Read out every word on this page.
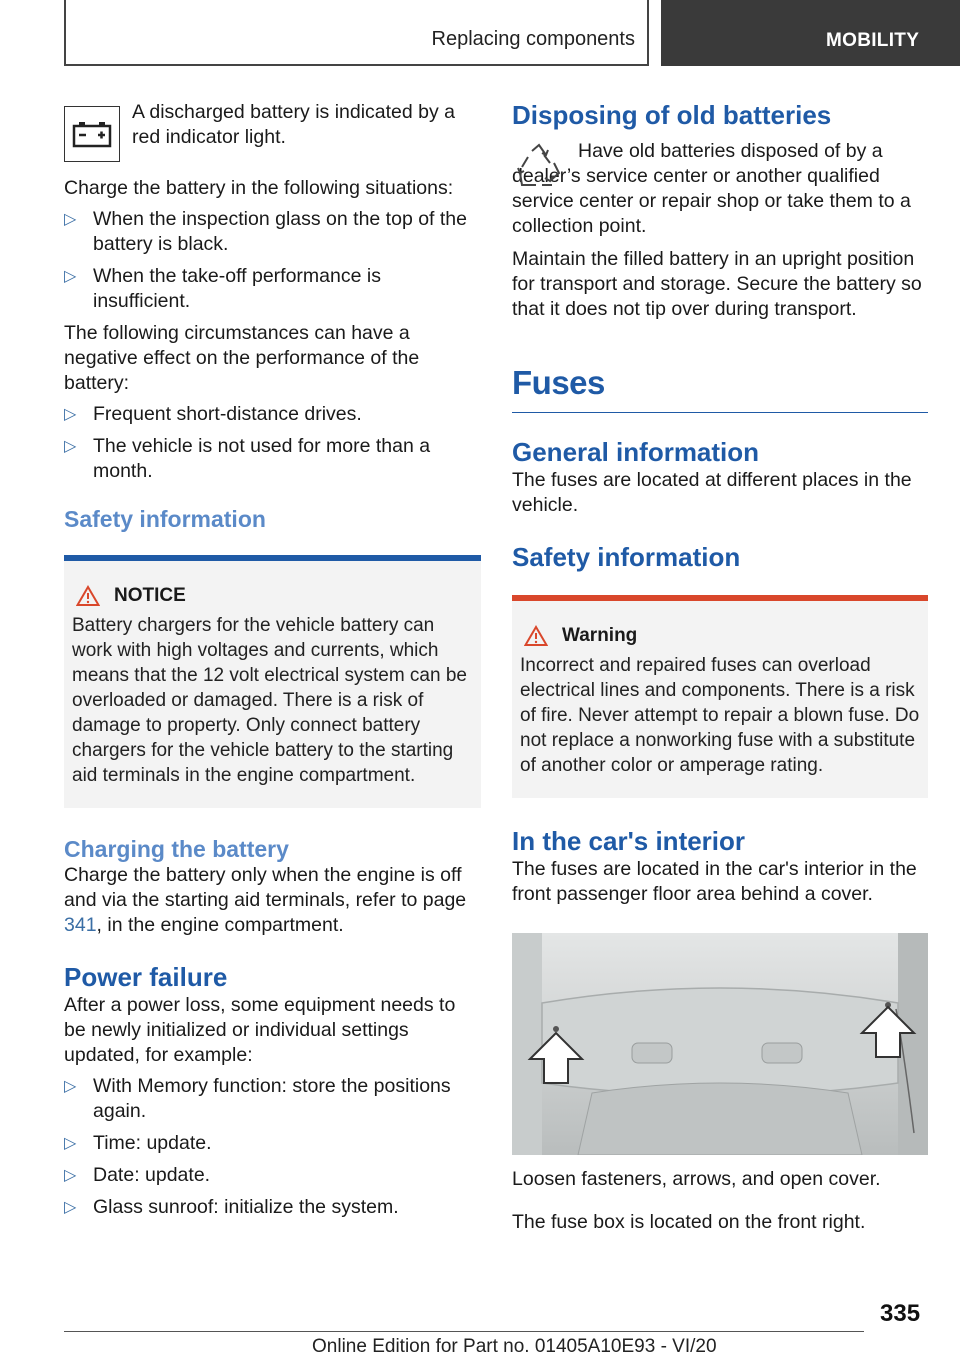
Replacing components	MOBILITY

A discharged battery is indicated by a red indicator light.

Charge the battery in the following situations:

▷ When the inspection glass on the top of the battery is black.
▷ When the take-off performance is insufficient.

The following circumstances can have a negative effect on the performance of the battery:

▷ Frequent short-distance drives.
▷ The vehicle is not used for more than a month.
Safety information
NOTICE

Battery chargers for the vehicle battery can work with high voltages and currents, which means that the 12 volt electrical system can be overloaded or damaged. There is a risk of damage to property. Only connect battery chargers for the vehicle battery to the starting aid terminals in the engine compartment.

Charging the battery

Charge the battery only when the engine is off and via the starting aid terminals, refer to page 341, in the engine compartment.

Power failure

After a power loss, some equipment needs to be newly initialized or individual settings updated, for example:

▷ With Memory function: store the positions again.
▷ Time: update.
▷ Date: update.
▷ Glass sunroof: initialize the system.
Disposing of old batteries

Have old batteries disposed of by a dealer’s service center or another qualified service center or repair shop or take them to a collection point.

Maintain the filled battery in an upright position for transport and storage. Secure the battery so that it does not tip over during transport.

Fuses
General information

The fuses are located at different places in the vehicle.

Safety information
Warning

Incorrect and repaired fuses can overload electrical lines and components. There is a risk of fire. Never attempt to repair a blown fuse. Do not replace a nonworking fuse with a substitute of another color or amperage rating.

In the car's interior

The fuses are located in the car's interior in the front passenger floor area behind a cover.

Loosen fasteners, arrows, and open cover.

The fuse box is located on the front right.

335
Online Edition for Part no. 01405A10E93 - VI/20
